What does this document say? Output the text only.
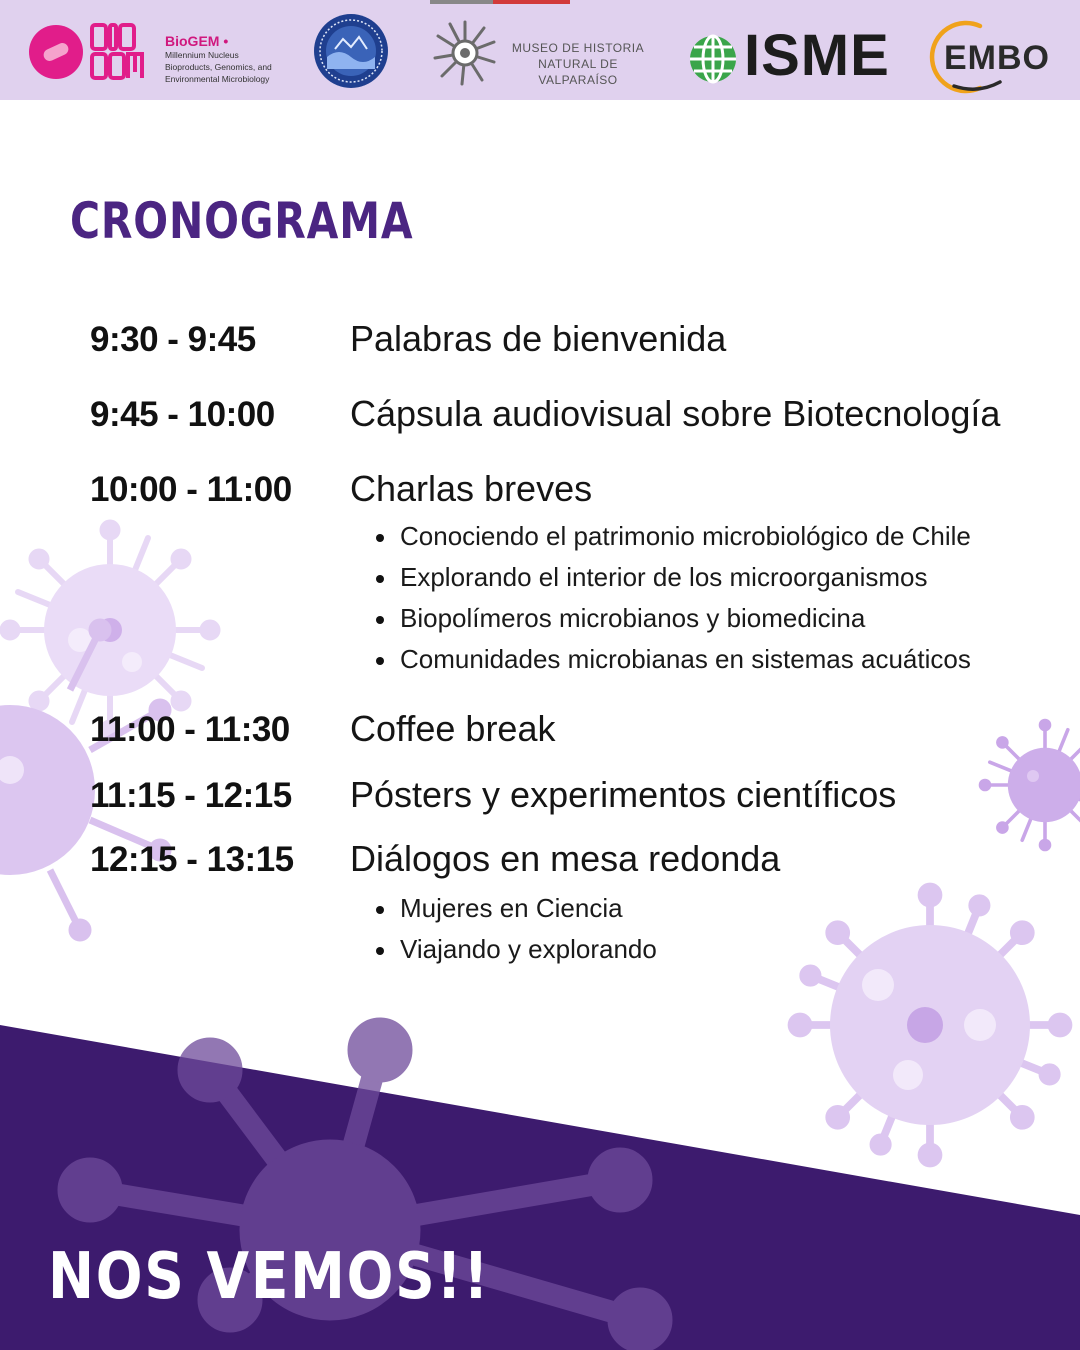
BioGEM •
Millennium Nucleus
Bioproducts, Genomics, and
Environmental Microbiology
MUSEO DE HISTORIA
NATURAL DE VALPARAÍSO	ISME EMBO
CRONOGRAMA
9:30 - 9:45	Palabras de bienvenida
9:45 - 10:00	Cápsula audiovisual sobre Biotecnología
10:00 - 11:00	Charlas breves
Conociendo el patrimonio microbiológico de Chile
Explorando el interior de los microorganismos
Biopolímeros microbianos y biomedicina
Comunidades microbianas en sistemas acuáticos
11:00 - 11:30	Coffee break
11:15 - 12:15	Pósters y experimentos científicos
12:15 - 13:15	Diálogos en mesa redonda
Mujeres en Ciencia
Viajando y explorando
NOS VEMOS!!
